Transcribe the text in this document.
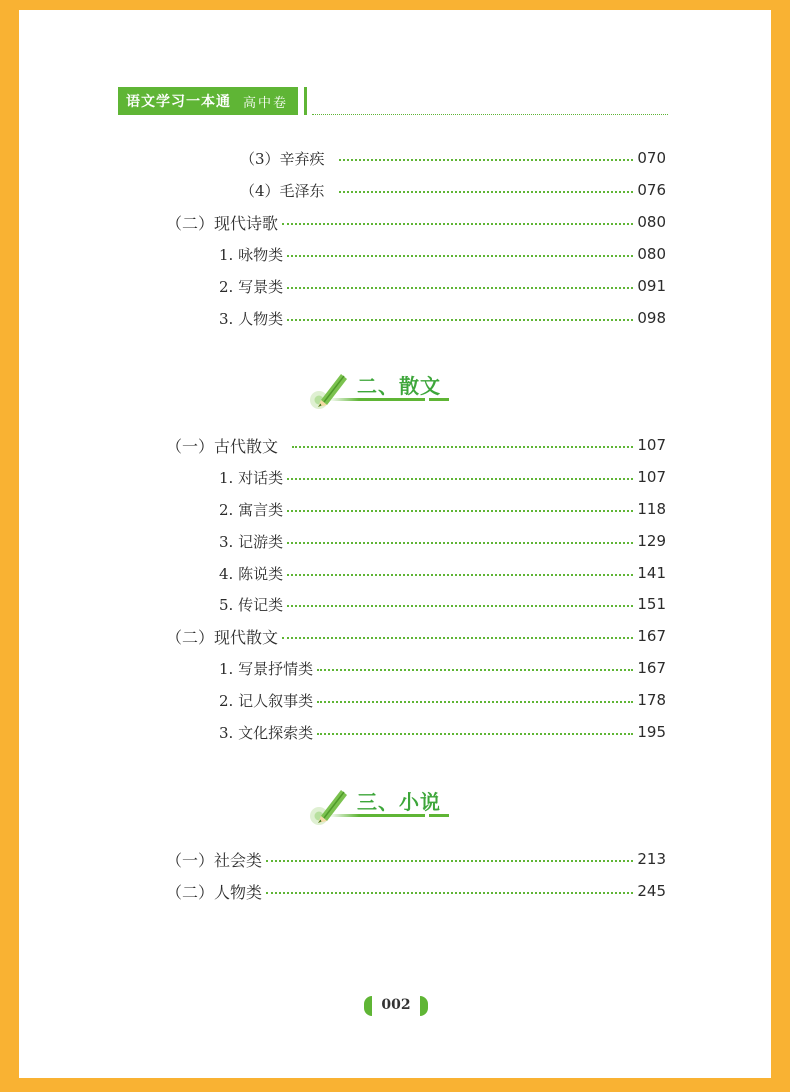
语文学习一本通 高中卷
（3）辛弃疾	070
（4）毛泽东	076
（二）现代诗歌	080
1. 咏物类	080
2. 写景类	091
3. 人物类	098
二、散文
（一）古代散文	107
1. 对话类	107
2. 寓言类	118
3. 记游类	129
4. 陈说类	141
5. 传记类	151
（二）现代散文	167
1. 写景抒情类	167
2. 记人叙事类	178
3. 文化探索类	195
三、小说
（一）社会类	213
（二）人物类	245
002
